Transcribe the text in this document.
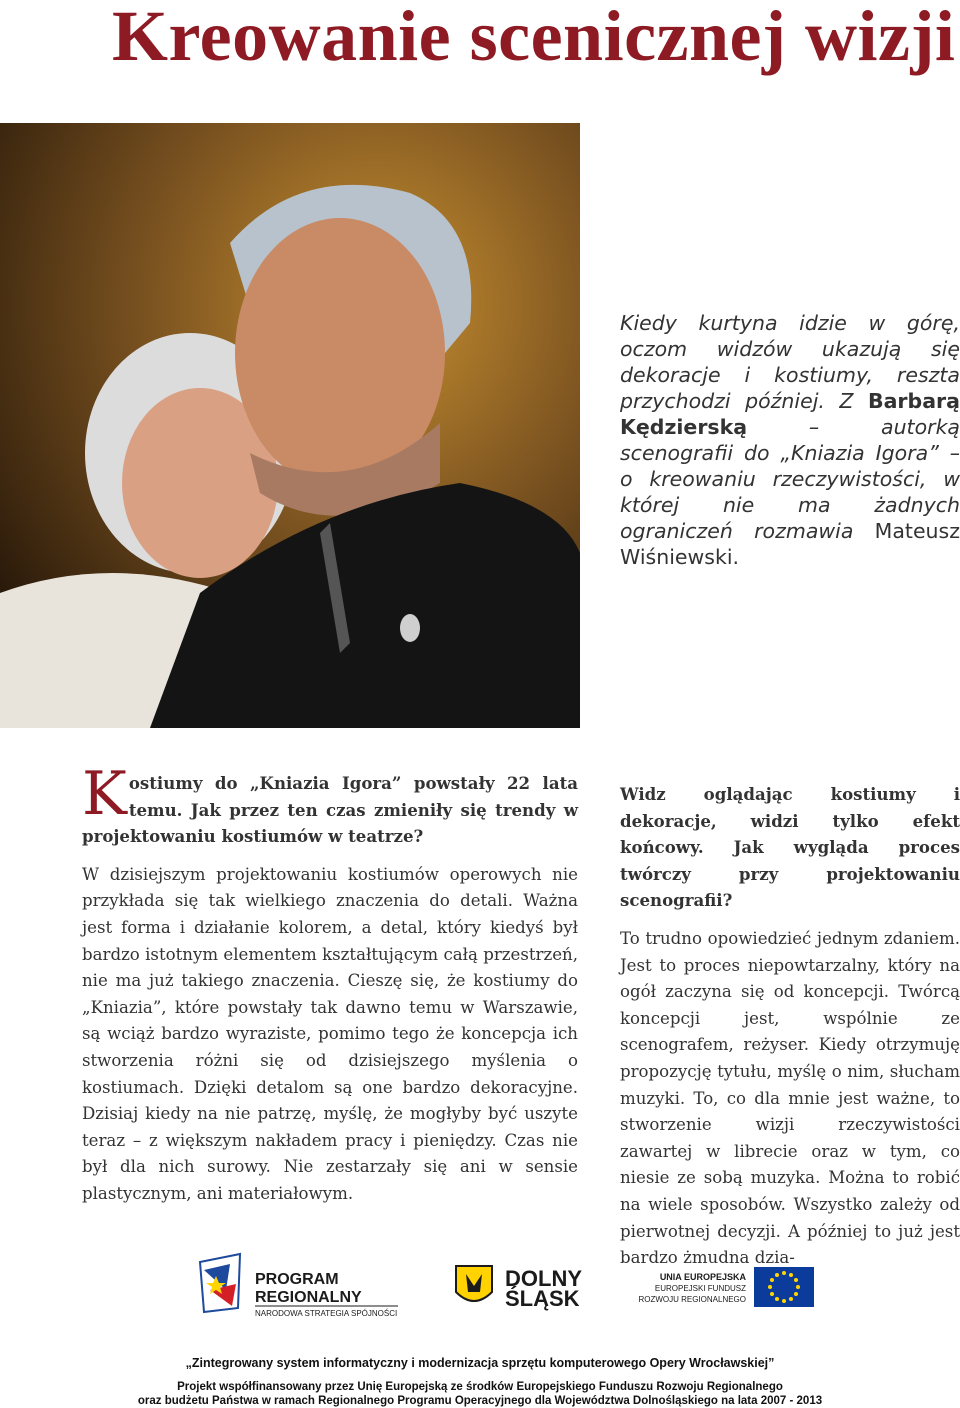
Kreowanie scenicznej wizji

Kiedy kurtyna idzie w górę, oczom widzów ukazują się dekoracje i kostiumy, reszta przychodzi później. Z Barbarą Kędzierską – autorką scenografii do „Kniazia Igora” – o kreowaniu rzeczywistości, w której nie ma żadnych ograniczeń rozmawia Mateusz Wiśniewski.

Kostiumy do „Kniazia Igora” powstały 22 lata temu. Jak przez ten czas zmieniły się trendy w projektowaniu kostiumów w teatrze?

W dzisiejszym projektowaniu kostiumów operowych nie przykłada się tak wielkiego znaczenia do detali. Ważna jest forma i działanie kolorem, a detal, który kiedyś był bardzo istotnym elementem kształtującym całą przestrzeń, nie ma już takiego znaczenia. Cieszę się, że kostiumy do „Kniazia”, które powstały tak dawno temu w Warszawie, są wciąż bardzo wyraziste, pomimo tego że koncepcja ich stworzenia różni się od dzisiejszego myślenia o kostiumach. Dzięki detalom są one bardzo dekoracyjne. Dzisiaj kiedy na nie patrzę, myślę, że mogłyby być uszyte teraz – z większym nakładem pracy i pieniędzy. Czas nie był dla nich surowy. Nie zestarzały się ani w sensie plastycznym, ani materiałowym.

Widz oglądając kostiumy i dekoracje, widzi tylko efekt końcowy. Jak wygląda proces twórczy przy projektowaniu scenografii?

To trudno opowiedzieć jednym zdaniem. Jest to proces niepowtarzalny, który na ogół zaczyna się od koncepcji. Twórcą koncepcji jest, wspólnie ze scenografem, reżyser. Kiedy otrzymuję propozycję tytułu, myślę o nim, słucham muzyki. To, co dla mnie jest ważne, to stworzenie wizji rzeczywistości zawartej w librecie oraz w tym, co niesie ze sobą muzyka. Można to robić na wiele sposobów. Wszystko zależy od pierwotnej decyzji. A później to już jest bardzo żmudna dzia-

PROGRAM
REGIONALNY
NARODOWA STRATEGIA SPÓJNOŚCI
DOLNY
ŚLĄSK
UNIA EUROPEJSKA
EUROPEJSKI FUNDUSZ
ROZWOJU REGIONALNEGO
„Zintegrowany system informatyczny i modernizacja sprzętu komputerowego Opery Wrocławskiej”
Projekt współfinansowany przez Unię Europejską ze środków Europejskiego Funduszu Rozwoju Regionalnego
oraz budżetu Państwa w ramach Regionalnego Programu Operacyjnego dla Województwa Dolnośląskiego na lata 2007 - 2013
